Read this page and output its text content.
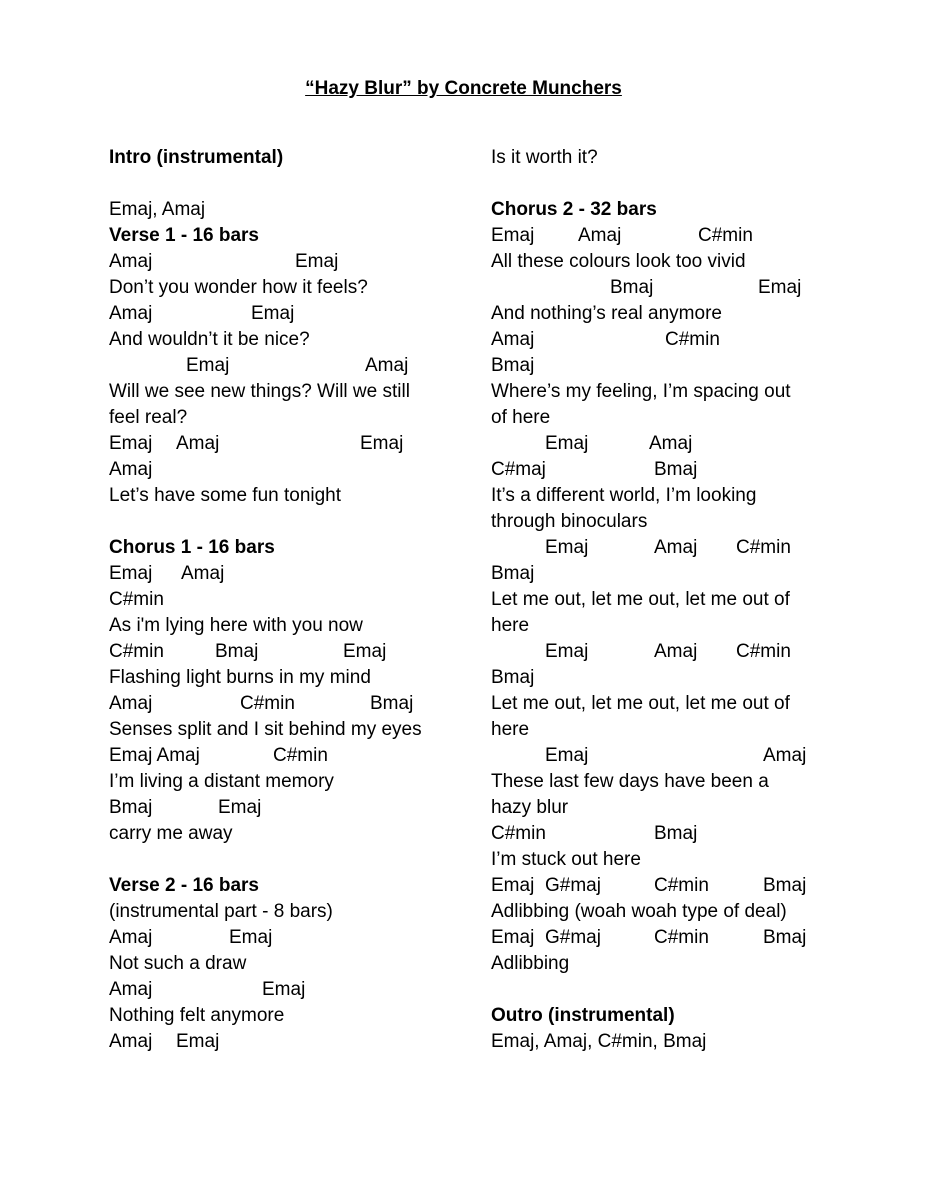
“Hazy Blur” by Concrete Munchers
Intro (instrumental)
Emaj, Amaj
Verse 1 - 16 bars

Amaj

	Emaj

Don’t you wonder how it feels?

Amaj

	Emaj

And wouldn’t it be nice?

Emaj

	Amaj

Will we see new things? Will we still
feel real?

Emaj

Amaj

	Emaj

Amaj
Let’s have some fun tonight
Chorus 1 - 16 bars

Emaj

Amaj

C#min
As i'm lying here with you now

C#min

	Bmaj

	Emaj

Flashing light burns in my mind

Amaj

	C#min

	Bmaj

Senses split and I sit behind my eyes

Emaj Amaj

	C#min

I’m living a distant memory

Bmaj

	Emaj

carry me away
Verse 2 - 16 bars
(instrumental part - 8 bars)

Amaj

	Emaj

Not such a draw

Amaj

	Emaj

Nothing felt anymore

Amaj

Emaj

Is it worth it?
Chorus 2 - 32 bars

Emaj

Amaj

	C#min

All these colours look too vivid

Bmaj

	Emaj

And nothing’s real anymore

Amaj

	C#min

Bmaj
Where’s my feeling, I’m spacing out
of here

Emaj

	Amaj

C#maj

	Bmaj

It’s a different world, I’m looking
through binoculars

Emaj

	Amaj

C#min

Bmaj
Let me out, let me out, let me out of
here

Emaj

	Amaj

C#min

Bmaj
Let me out, let me out, let me out of
here

Emaj

	Amaj

These last few days have been a
hazy blur

C#min

	Bmaj

I’m stuck out here

Emaj

G#maj

	C#min

	Bmaj

Adlibbing (woah woah type of deal)

Emaj

G#maj

	C#min

	Bmaj

Adlibbing
Outro (instrumental)
Emaj, Amaj, C#min, Bmaj
